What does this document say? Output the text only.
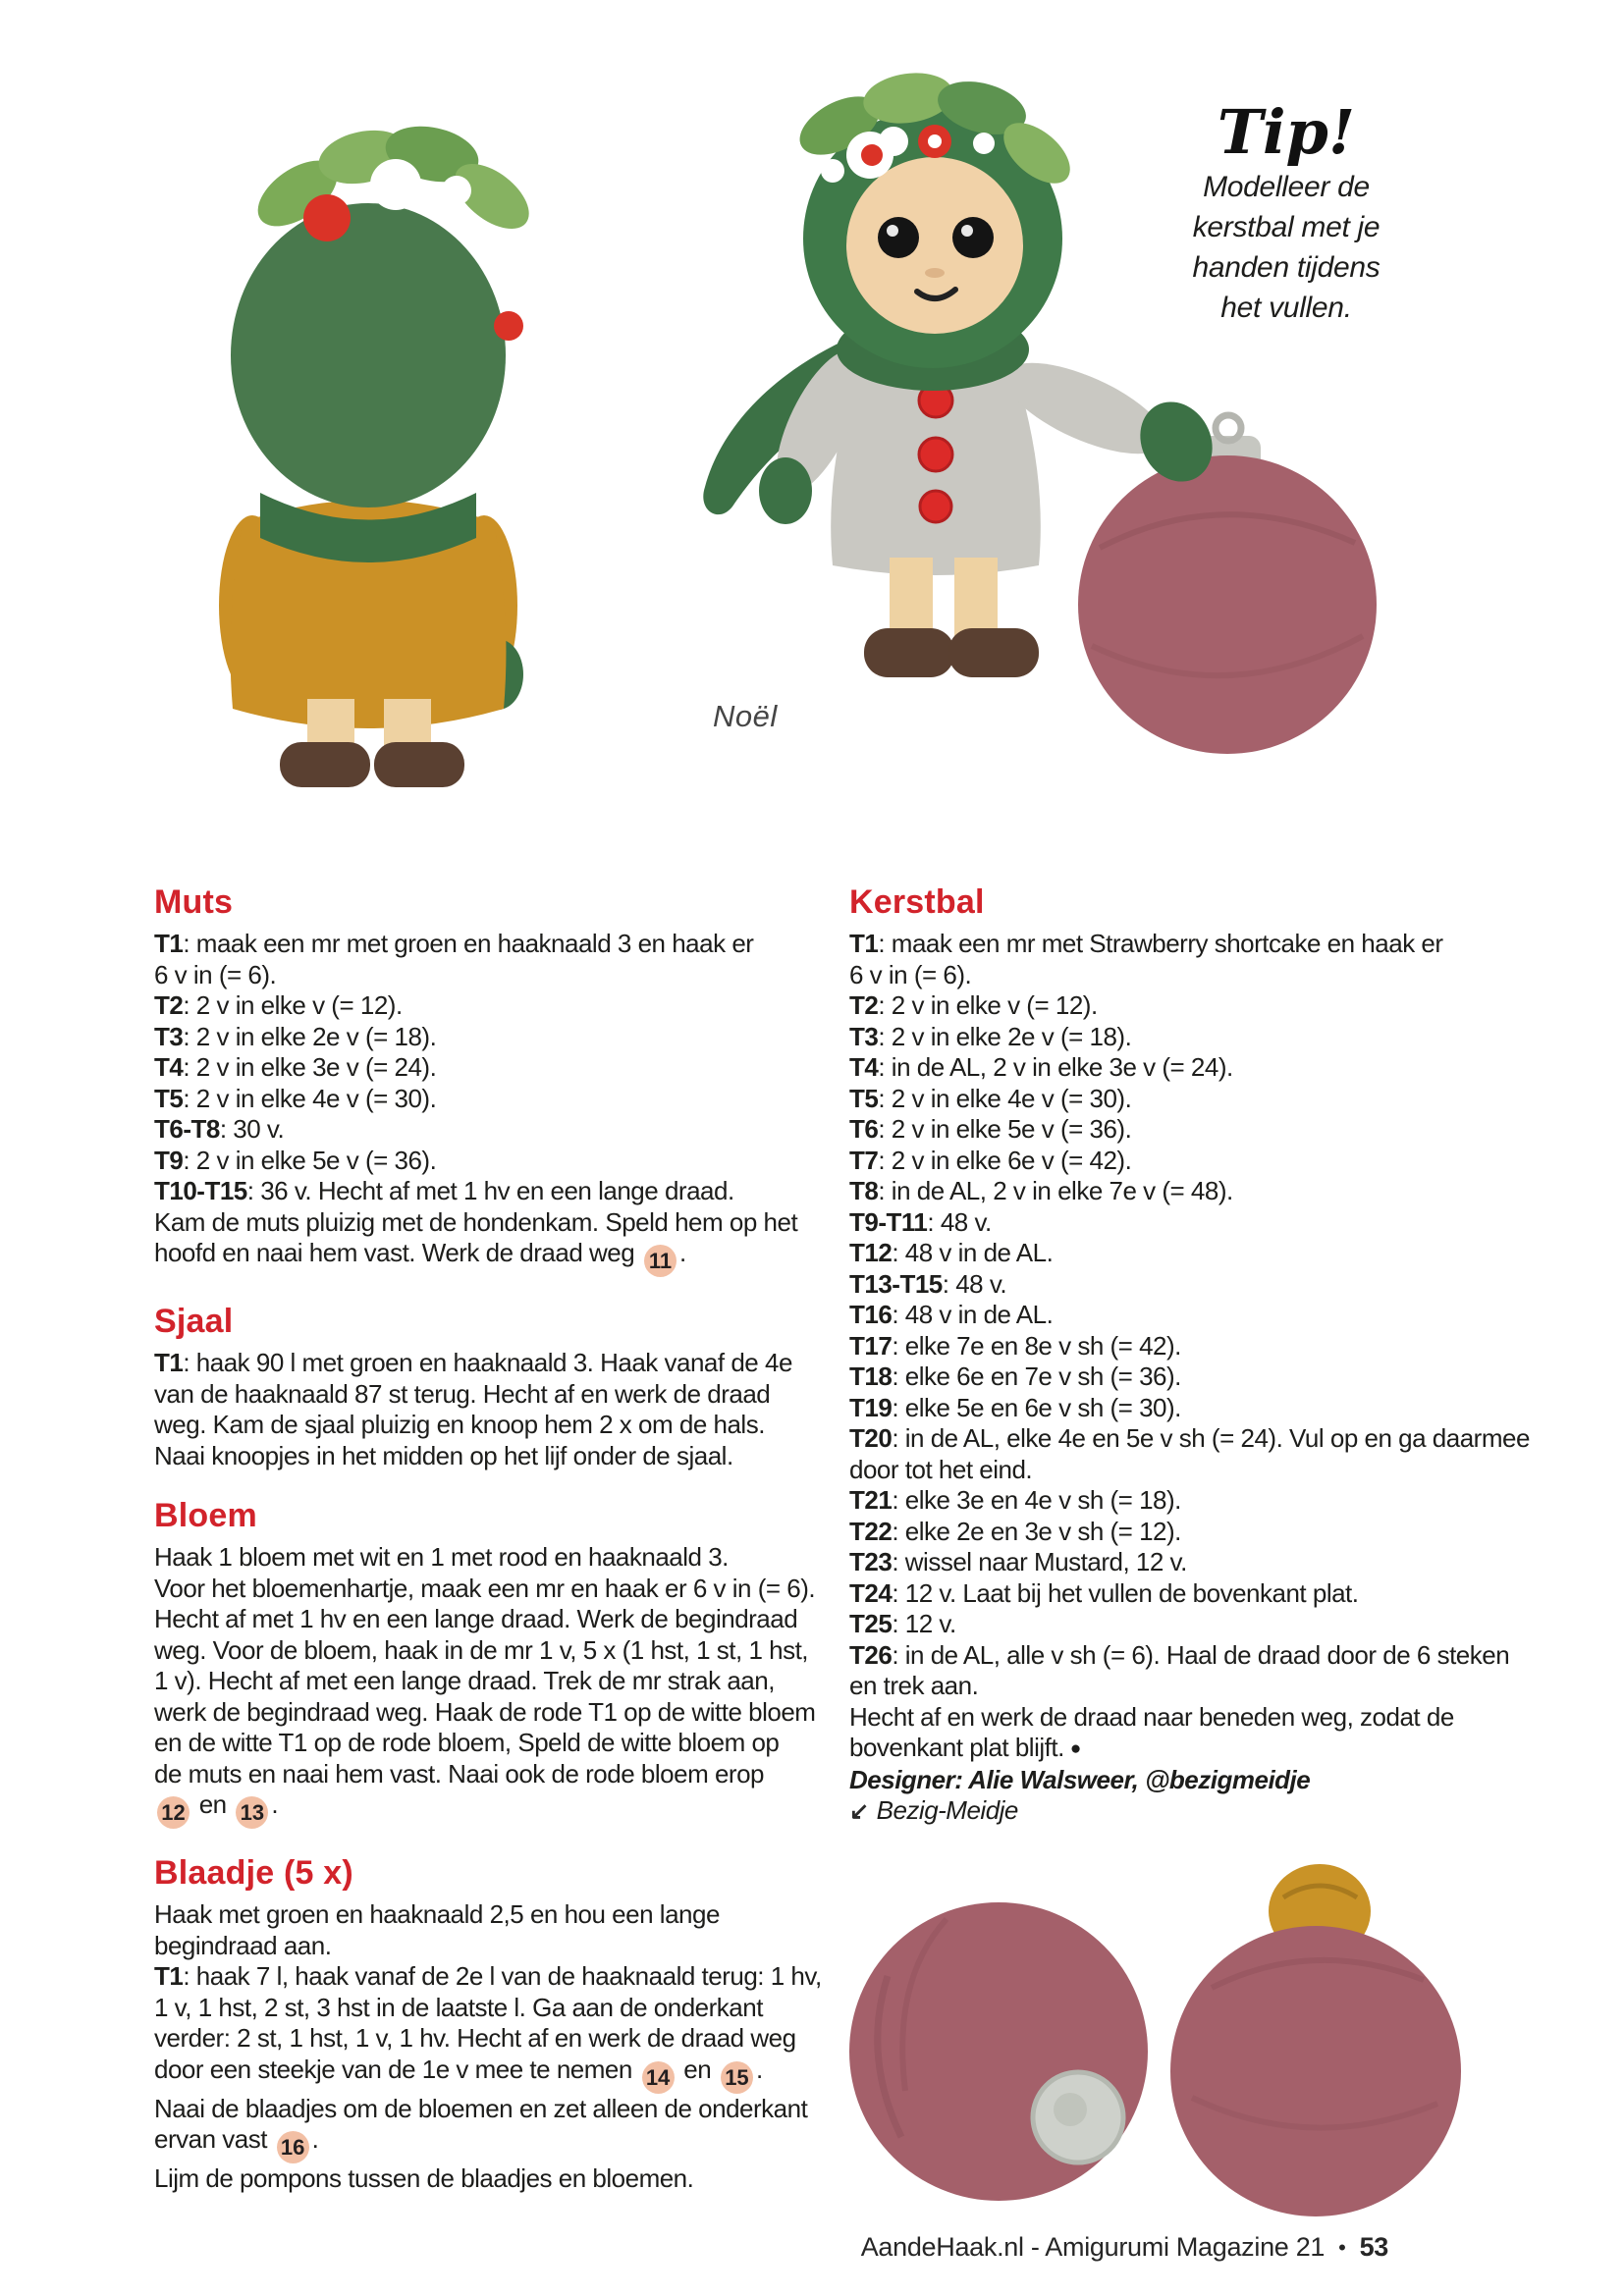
Tip!
Modelleer de
kerstbal met je
handen tijdens
het vullen.
Noël
Muts
T1: maak een mr met groen en haaknaald 3 en haak er
6 v in (= 6).
T2: 2 v in elke v (= 12).
T3: 2 v in elke 2e v (= 18).
T4: 2 v in elke 3e v (= 24).
T5: 2 v in elke 4e v (= 30).
T6-T8: 30 v.
T9: 2 v in elke 5e v (= 36).
T10-T15: 36 v. Hecht af met 1 hv en een lange draad.
Kam de muts pluizig met de hondenkam. Speld hem op het
hoofd en naai hem vast. Werk de draad weg 11 .
Sjaal
T1: haak 90 l met groen en haaknaald 3. Haak vanaf de 4e
van de haaknaald 87 st terug. Hecht af en werk de draad
weg. Kam de sjaal pluizig en knoop hem 2 x om de hals.
Naai knoopjes in het midden op het lijf onder de sjaal.
Bloem
Haak 1 bloem met wit en 1 met rood en haaknaald 3.
Voor het bloemenhartje, maak een mr en haak er 6 v in (= 6).
Hecht af met 1 hv en een lange draad. Werk de begindraad
weg. Voor de bloem, haak in de mr 1 v, 5 x (1 hst, 1 st, 1 hst,
1 v). Hecht af met een lange draad. Trek de mr strak aan,
werk de begindraad weg. Haak de rode T1 op de witte bloem
en de witte T1 op de rode bloem, Speld de witte bloem op
de muts en naai hem vast. Naai ook de rode bloem erop
12 en 13 .
Blaadje (5 x)
Haak met groen en haaknaald 2,5 en hou een lange
begindraad aan.
T1: haak 7 l, haak vanaf de 2e l van de haaknaald terug: 1 hv,
1 v, 1 hst, 2 st, 3 hst in de laatste l. Ga aan de onderkant
verder: 2 st, 1 hst, 1 v, 1 hv. Hecht af en werk de draad weg
door een steekje van de 1e v mee te nemen 14 en 15 .
Naai de blaadjes om de bloemen en zet alleen de onderkant
ervan vast 16 .
Lijm de pompons tussen de blaadjes en bloemen.
Kerstbal
T1: maak een mr met Strawberry shortcake en haak er
6 v in (= 6).
T2: 2 v in elke v (= 12).
T3: 2 v in elke 2e v (= 18).
T4: in de AL, 2 v in elke 3e v (= 24).
T5: 2 v in elke 4e v (= 30).
T6: 2 v in elke 5e v (= 36).
T7: 2 v in elke 6e v (= 42).
T8: in de AL, 2 v in elke 7e v (= 48).
T9-T11: 48 v.
T12: 48 v in de AL.
T13-T15: 48 v.
T16: 48 v in de AL.
T17: elke 7e en 8e v sh (= 42).
T18: elke 6e en 7e v sh (= 36).
T19: elke 5e en 6e v sh (= 30).
T20: in de AL, elke 4e en 5e v sh (= 24). Vul op en ga daarmee
door tot het eind.
T21: elke 3e en 4e v sh (= 18).
T22: elke 2e en 3e v sh (= 12).
T23: wissel naar Mustard, 12 v.
T24: 12 v. Laat bij het vullen de bovenkant plat.
T25: 12 v.
T26: in de AL, alle v sh (= 6). Haal de draad door de 6 steken
en trek aan.
Hecht af en werk de draad naar beneden weg, zodat de
bovenkant plat blijft. ●
Designer: Alie Walsweer, @bezigmeidje
↙ Bezig-Meidje
AandeHaak.nl - Amigurumi Magazine 21 • 53
